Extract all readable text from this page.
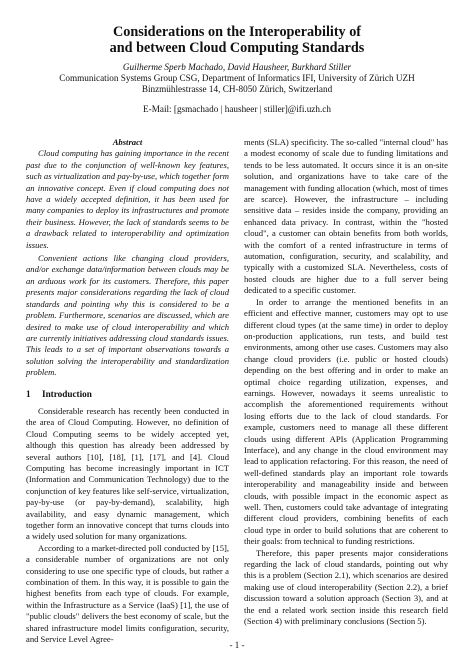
Considerations on the Interoperability of
and between Cloud Computing Standards
Guilherme Sperb Machado, David Hausheer, Burkhard Stiller
Communication Systems Group CSG, Department of Informatics IFI, University of Zürich UZH
Binzmühlestrasse 14, CH-8050 Zürich, Switzerland
E-Mail: [gsmachado | hausheer | stiller]@ifi.uzh.ch

Abstract

Cloud computing has gaining importance in the recent past due to the conjunction of well-known key features, such as virtualization and pay-by-use, which together form an innovative concept. Even if cloud computing does not have a widely accepted definition, it has been used for many companies to deploy its infrastructures and promote their business. However, the lack of standards seems to be a drawback related to interoperability and optimization issues.

Convenient actions like changing cloud providers, and/or exchange data/information between clouds may be an arduous work for its customers. Therefore, this paper presents major considerations regarding the lack of cloud standards and pointing why this is considered to be a problem. Furthermore, scenarios are discussed, which are desired to make use of cloud interoperability and which are currently initiatives addressing cloud standards issues. This leads to a set of important observations towards a solution solving the interoperability and standardization problem.

1 Introduction

Considerable research has recently been conducted in the area of Cloud Computing. However, no definition of Cloud Computing seems to be widely accepted yet, although this question has already been addressed by several authors [10], [18], [1], [17], and [4]. Cloud Computing has become increasingly important in ICT (Information and Communication Technology) due to the conjunction of key features like self-service, virtualization, pay-by-use (or pay-by-demand), scalability, high availability, and easy dynamic management, which together form an innovative concept that turns clouds into a widely used solution for many organizations.

According to a market-directed poll conducted by [15], a considerable number of organizations are not only considering to use one specific type of clouds, but rather a combination of them. In this way, it is possible to gain the highest benefits from each type of clouds. For example, within the Infrastructure as a Service (IaaS) [1], the use of "public clouds" delivers the best economy of scale, but the shared infrastructure model limits configuration, security, and Service Level Agree-

ments (SLA) specificity. The so-called "internal cloud" has a modest economy of scale due to funding limitations and tends to be less automated. It occurs since it is an on-site solution, and organizations have to take care of the management with funding allocation (which, most of times are scarce). However, the infrastructure – including sensitive data – resides inside the company, providing an enhanced data privacy. In contrast, within the "hosted cloud", a customer can obtain benefits from both worlds, with the comfort of a rented infrastructure in terms of automation, configuration, security, and scalability, and typically with a customized SLA. Nevertheless, costs of hosted clouds are higher due to a full server being dedicated to a specific customer.

In order to arrange the mentioned benefits in an efficient and effective manner, customers may opt to use different cloud types (at the same time) in order to deploy on-production applications, run tests, and build test environments, among other use cases. Customers may also change cloud providers (i.e. public or hosted clouds) depending on the best offering and in order to make an optimal choice regarding utilization, expenses, and earnings. However, nowadays it seems unrealistic to accomplish the aforementioned requirements without losing efforts due to the lack of cloud standards. For example, customers need to manage all these different clouds using different APIs (Application Programming Interface), and any change in the cloud environment may lead to application refactoring. For this reason, the need of well-defined standards play an important role towards interoperability and manageability inside and between clouds, with possible impact in the economic aspect as well. Then, customers could take advantage of integrating different cloud providers, combining benefits of each cloud type in order to build solutions that are coherent to their goals: from technical to funding restrictions.

Therefore, this paper presents major considerations regarding the lack of cloud standards, pointing out why this is a problem (Section 2.1), which scenarios are desired making use of cloud interoperability (Section 2.2), a brief discussion toward a solution approach (Section 3), and at the end a related work section inside this research field (Section 4) with preliminary conclusions (Section 5).

- 1 -
